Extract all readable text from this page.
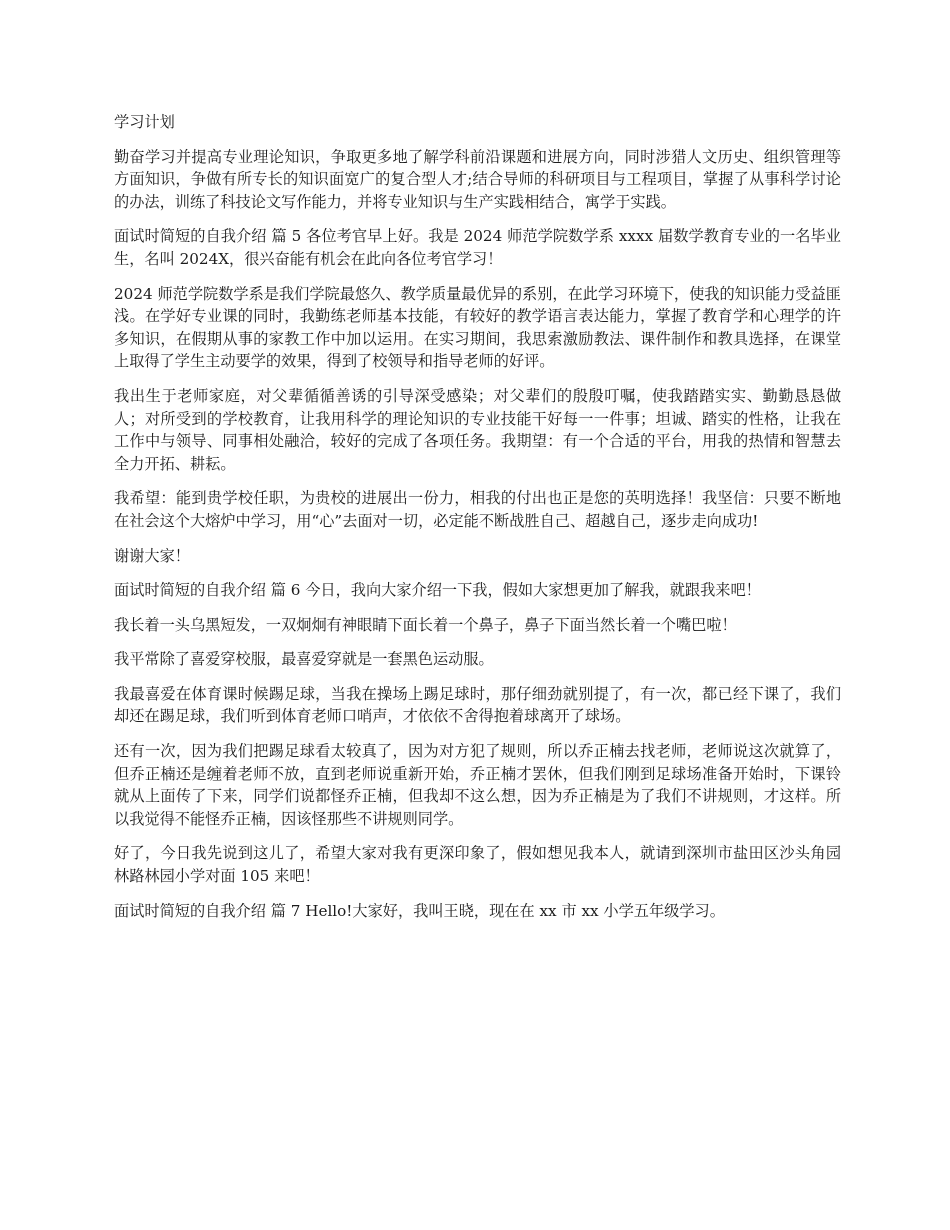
学习计划

勤奋学习并提高专业理论知识，争取更多地了解学科前沿课题和进展方向，同时涉猎人文历史、组织管理等方面知识，争做有所专长的知识面宽广的复合型人才;结合导师的科研项目与工程项目，掌握了从事科学讨论的办法，训练了科技论文写作能力，并将专业知识与生产实践相结合，寓学于实践。

面试时简短的自我介绍 篇 5 各位考官早上好。我是 2024 师范学院数学系 xxxx 届数学教育专业的一名毕业生，名叫 2024X，很兴奋能有机会在此向各位考官学习！

2024 师范学院数学系是我们学院最悠久、教学质量最优异的系别，在此学习环境下，使我的知识能力受益匪浅。在学好专业课的同时，我勤练老师基本技能，有较好的教学语言表达能力，掌握了教育学和心理学的许多知识，在假期从事的家教工作中加以运用。在实习期间，我思索激励教法、课件制作和教具选择，在课堂上取得了学生主动要学的效果，得到了校领导和指导老师的好评。

我出生于老师家庭，对父辈循循善诱的引导深受感染；对父辈们的殷殷叮嘱，使我踏踏实实、勤勤恳恳做人；对所受到的学校教育，让我用科学的理论知识的专业技能干好每一一件事；坦诚、踏实的性格，让我在工作中与领导、同事相处融洽，较好的完成了各项任务。我期望：有一个合适的平台，用我的热情和智慧去全力开拓、耕耘。

我希望：能到贵学校任职，为贵校的进展出一份力，相我的付出也正是您的英明选择！我坚信：只要不断地在社会这个大熔炉中学习，用“心”去面对一切，必定能不断战胜自己、超越自己，逐步走向成功!

谢谢大家！

面试时简短的自我介绍 篇 6 今日，我向大家介绍一下我，假如大家想更加了解我，就跟我来吧！

我长着一头乌黑短发，一双炯炯有神眼睛下面长着一个鼻子，鼻子下面当然长着一个嘴巴啦！

我平常除了喜爱穿校服，最喜爱穿就是一套黑色运动服。

我最喜爱在体育课时候踢足球，当我在操场上踢足球时，那仔细劲就别提了，有一次，都已经下课了，我们却还在踢足球，我们听到体育老师口哨声，才依依不舍得抱着球离开了球场。

还有一次，因为我们把踢足球看太较真了，因为对方犯了规则，所以乔正楠去找老师，老师说这次就算了，但乔正楠还是缠着老师不放，直到老师说重新开始，乔正楠才罢休，但我们刚到足球场准备开始时，下课铃就从上面传了下来，同学们说都怪乔正楠，但我却不这么想，因为乔正楠是为了我们不讲规则，才这样。所以我觉得不能怪乔正楠，因该怪那些不讲规则同学。

好了，今日我先说到这儿了，希望大家对我有更深印象了，假如想见我本人，就请到深圳市盐田区沙头角园林路林园小学对面 105 来吧！

面试时简短的自我介绍 篇 7 Hello!大家好，我叫王晓，现在在 xx 市 xx 小学五年级学习。
